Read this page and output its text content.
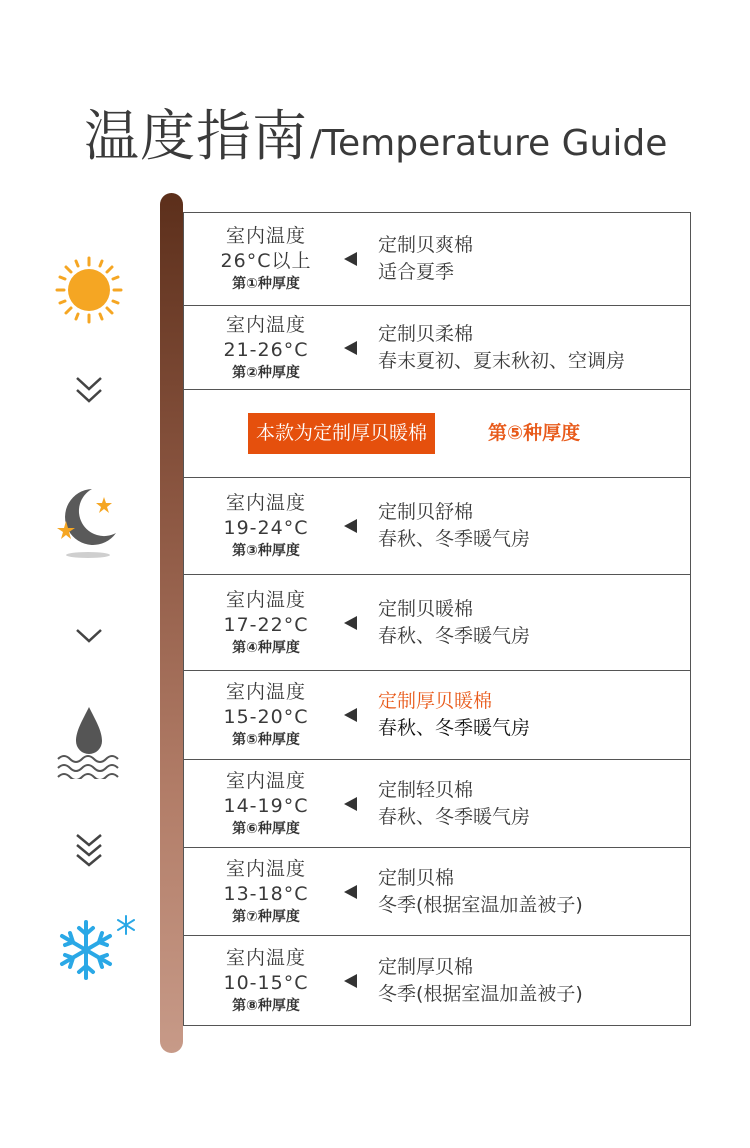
温度指南/Temperature Guide
室内温度
26°C以上
第①种厚度
定制贝爽棉
适合夏季
室内温度
21-26°C
第②种厚度
定制贝柔棉
春末夏初、夏末秋初、空调房
本款为定制厚贝暖棉	第⑤种厚度
室内温度
19-24°C
第③种厚度
定制贝舒棉
春秋、冬季暖气房
室内温度
17-22°C
第④种厚度
定制贝暖棉
春秋、冬季暖气房
室内温度
15-20°C
第⑤种厚度
定制厚贝暖棉
春秋、冬季暖气房
室内温度
14-19°C
第⑥种厚度
定制轻贝棉
春秋、冬季暖气房
室内温度
13-18°C
第⑦种厚度
定制贝棉
冬季(根据室温加盖被子)
室内温度
10-15°C
第⑧种厚度
定制厚贝棉
冬季(根据室温加盖被子)
